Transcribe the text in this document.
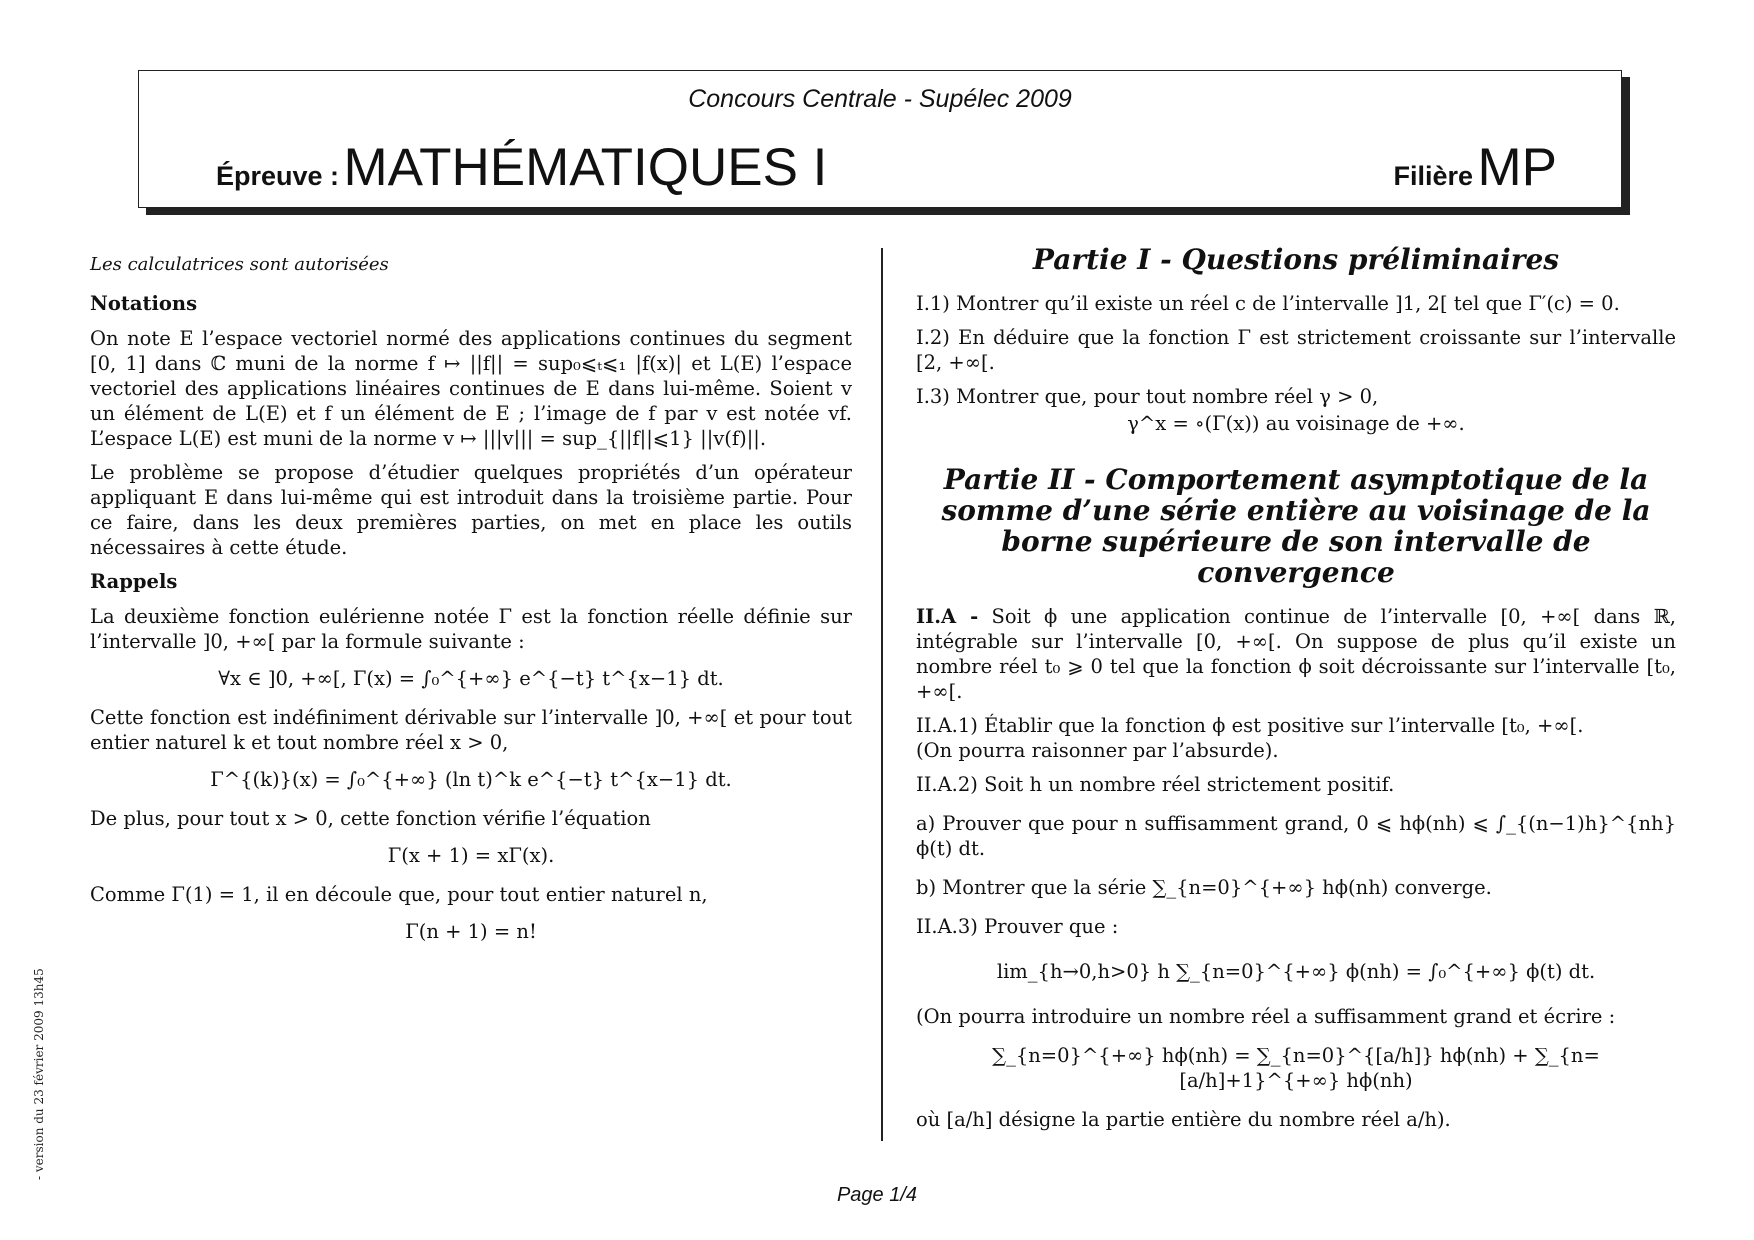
Concours Centrale - Supélec 2009
Épreuve : MATHÉMATIQUES I	Filière MP

Les calculatrices sont autorisées

Notations

On note E l’espace vectoriel normé des applications continues du segment [0, 1] dans ℂ muni de la norme f ↦ ||f|| = sup₀⩽ₜ⩽₁ |f(x)| et L(E) l’espace vectoriel des applications linéaires continues de E dans lui-même. Soient v un élément de L(E) et f un élément de E ; l’image de f par v est notée vf. L’espace L(E) est muni de la norme v ↦ |||v||| = sup_{||f||⩽1} ||v(f)||.

Le problème se propose d’étudier quelques propriétés d’un opérateur appliquant E dans lui-même qui est introduit dans la troisième partie. Pour ce faire, dans les deux premières parties, on met en place les outils nécessaires à cette étude.

Rappels

La deuxième fonction eulérienne notée Γ est la fonction réelle définie sur l’intervalle ]0, +∞[ par la formule suivante :

∀x ∈ ]0, +∞[, Γ(x) = ∫₀^{+∞} e^{−t} t^{x−1} dt.

Cette fonction est indéfiniment dérivable sur l’intervalle ]0, +∞[ et pour tout entier naturel k et tout nombre réel x > 0,

Γ^{(k)}(x) = ∫₀^{+∞} (ln t)^k e^{−t} t^{x−1} dt.

De plus, pour tout x > 0, cette fonction vérifie l’équation

Γ(x + 1) = xΓ(x).

Comme Γ(1) = 1, il en découle que, pour tout entier naturel n,

Γ(n + 1) = n!
Partie I - Questions préliminaires

I.1) Montrer qu’il existe un réel c de l’intervalle ]1, 2[ tel que Γ′(c) = 0.

I.2) En déduire que la fonction Γ est strictement croissante sur l’intervalle [2, +∞[.

I.3) Montrer que, pour tout nombre réel γ > 0,

γ^x = ∘(Γ(x)) au voisinage de +∞.
Partie II - Comportement asymptotique de la somme d’une série entière au voisinage de la borne supérieure de son intervalle de convergence

II.A - Soit ϕ une application continue de l’intervalle [0, +∞[ dans ℝ, intégrable sur l’intervalle [0, +∞[. On suppose de plus qu’il existe un nombre réel t₀ ⩾ 0 tel que la fonction ϕ soit décroissante sur l’intervalle [t₀, +∞[.

II.A.1) Établir que la fonction ϕ est positive sur l’intervalle [t₀, +∞[.

(On pourra raisonner par l’absurde).

II.A.2) Soit h un nombre réel strictement positif.

a) Prouver que pour n suffisamment grand, 0 ⩽ hϕ(nh) ⩽ ∫_{(n−1)h}^{nh} ϕ(t) dt.

b) Montrer que la série ∑_{n=0}^{+∞} hϕ(nh) converge.

II.A.3) Prouver que :

lim_{h→0,h>0} h ∑_{n=0}^{+∞} ϕ(nh) = ∫₀^{+∞} ϕ(t) dt.

(On pourra introduire un nombre réel a suffisamment grand et écrire :

∑_{n=0}^{+∞} hϕ(nh) = ∑_{n=0}^{[a/h]} hϕ(nh) + ∑_{n=[a/h]+1}^{+∞} hϕ(nh)

où [a/h] désigne la partie entière du nombre réel a/h).

- version du 23 février 2009 13h45
Page 1/4
